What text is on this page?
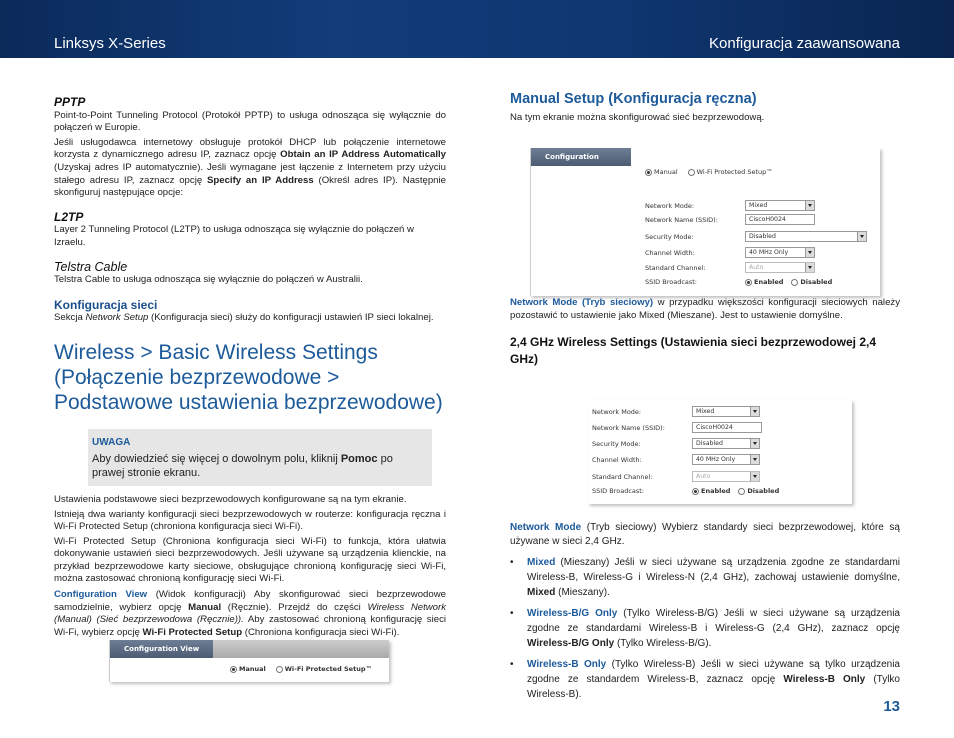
Linksys X-Series	Konfiguracja zaawansowana
PPTP

Point-to-Point Tunneling Protocol (Protokół PPTP) to usługa odnosząca się wyłącznie do połączeń w Europie.

Jeśli usługodawca internetowy obsługuje protokół DHCP lub połączenie internetowe korzysta z dynamicznego adresu IP, zaznacz opcję Obtain an IP Address Automatically (Uzyskaj adres IP automatycznie). Jeśli wymagane jest łączenie z Internetem przy użyciu stałego adresu IP, zaznacz opcję Specify an IP Address (Określ adres IP). Następnie skonfiguruj następujące opcje:

L2TP

Layer 2 Tunneling Protocol (L2TP) to usługa odnosząca się wyłącznie do połączeń w Izraelu.

Telstra Cable

Telstra Cable to usługa odnosząca się wyłącznie do połączeń w Australii.

Konfiguracja sieci

Sekcja Network Setup (Konfiguracja sieci) służy do konfiguracji ustawień IP sieci lokalnej.

Wireless > Basic Wireless Settings
(Połączenie bezprzewodowe >
Podstawowe ustawienia bezprzewodowe)
UWAGA
Aby dowiedzieć się więcej o dowolnym polu, kliknij Pomoc po prawej stronie ekranu.

Ustawienia podstawowe sieci bezprzewodowych konfigurowane są na tym ekranie.

Istnieją dwa warianty konfiguracji sieci bezprzewodowych w routerze: konfiguracja ręczna i Wi-Fi Protected Setup (chroniona konfiguracja sieci Wi-Fi).

Wi-Fi Protected Setup (Chroniona konfiguracja sieci Wi-Fi) to funkcja, która ułatwia dokonywanie ustawień sieci bezprzewodowych. Jeśli używane są urządzenia klienckie, na przykład bezprzewodowe karty sieciowe, obsługujące chronioną konfigurację sieci Wi-Fi, można zastosować chronioną konfigurację sieci Wi-Fi.

Configuration View (Widok konfiguracji) Aby skonfigurować sieci bezprzewodowe samodzielnie, wybierz opcję Manual (Ręcznie). Przejdź do części Wireless Network (Manual) (Sieć bezprzewodowa (Ręcznie)). Aby zastosować chronioną konfigurację sieci Wi-Fi, wybierz opcję Wi-Fi Protected Setup (Chroniona konfiguracja sieci Wi-Fi).

Configuration View
Manual	Wi-Fi Protected Setup™
Manual Setup (Konfiguracja ręczna)

Na tym ekranie można skonfigurować sieć bezprzewodową.

Network Mode (Tryb sieciowy) w przypadku większości konfiguracji sieciowych należy pozostawić to ustawienie jako Mixed (Mieszane). Jest to ustawienie domyślne.

2,4 GHz Wireless Settings (Ustawienia sieci bezprzewodowej 2,4 GHz)

Network Mode (Tryb sieciowy) Wybierz standardy sieci bezprzewodowej, które są używane w sieci 2,4 GHz.

• Mixed (Mieszany) Jeśli w sieci używane są urządzenia zgodne ze standardami Wireless-B, Wireless-G i Wireless-N (2,4 GHz), zachowaj ustawienie domyślne, Mixed (Mieszany).
• Wireless-B/G Only (Tylko Wireless-B/G) Jeśli w sieci używane są urządzenia zgodne ze standardami Wireless-B i Wireless-G (2,4 GHz), zaznacz opcję Wireless-B/G Only (Tylko Wireless-B/G).
• Wireless-B Only (Tylko Wireless-B) Jeśli w sieci używane są tylko urządzenia zgodne ze standardem Wireless-B, zaznacz opcję Wireless-B Only (Tylko Wireless-B).
Configuration View	Manual	Wi-Fi Protected Setup™
Network Mode:	Mixed
Network Name (SSID):	CiscoH0024
Security Mode:	Disabled
Channel Width:	40 MHz Only
Standard Channel:	Auto
SSID Broadcast:	Enabled	Disabled
Network Mode:	Mixed
Network Name (SSID):	CiscoH0024
Security Mode:	Disabled
Channel Width:	40 MHz Only
Standard Channel:	Auto
SSID Broadcast:	Enabled	Disabled
13
